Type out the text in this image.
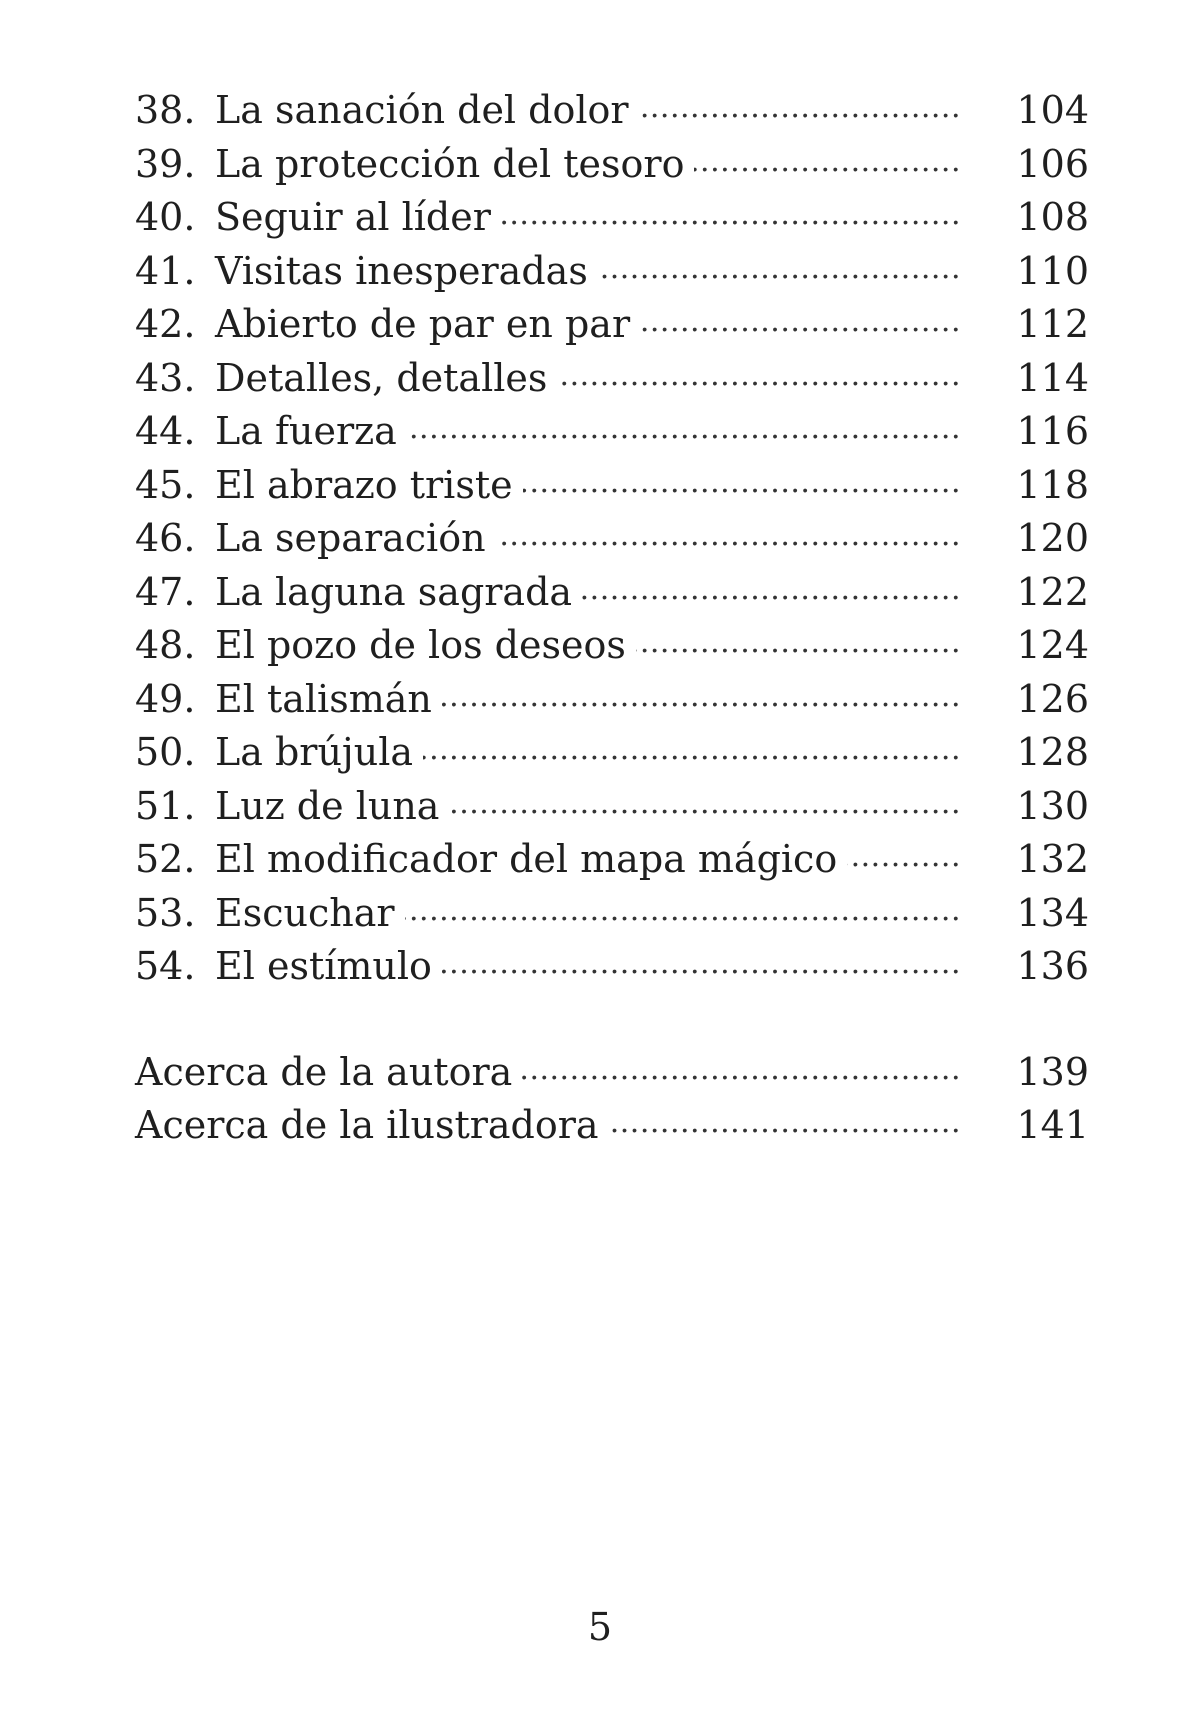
38. La sanación del dolor .....	104
39. La protección del tesoro .....	106
40. Seguir al líder .....	108
41. Visitas inesperadas .....	110
42. Abierto de par en par .....	112
43. Detalles, detalles .....	114
44. La fuerza .....	116
45. El abrazo triste .....	118
46. La separación .....	120
47. La laguna sagrada .....	122
48. El pozo de los deseos .....	124
49. El talismán .....	126
50. La brújula .....	128
51. Luz de luna .....	130
52. El modificador del mapa mágico .....	132
53. Escuchar .....	134
54. El estímulo .....	136
Acerca de la autora .....	139
Acerca de la ilustradora .....	141
5
